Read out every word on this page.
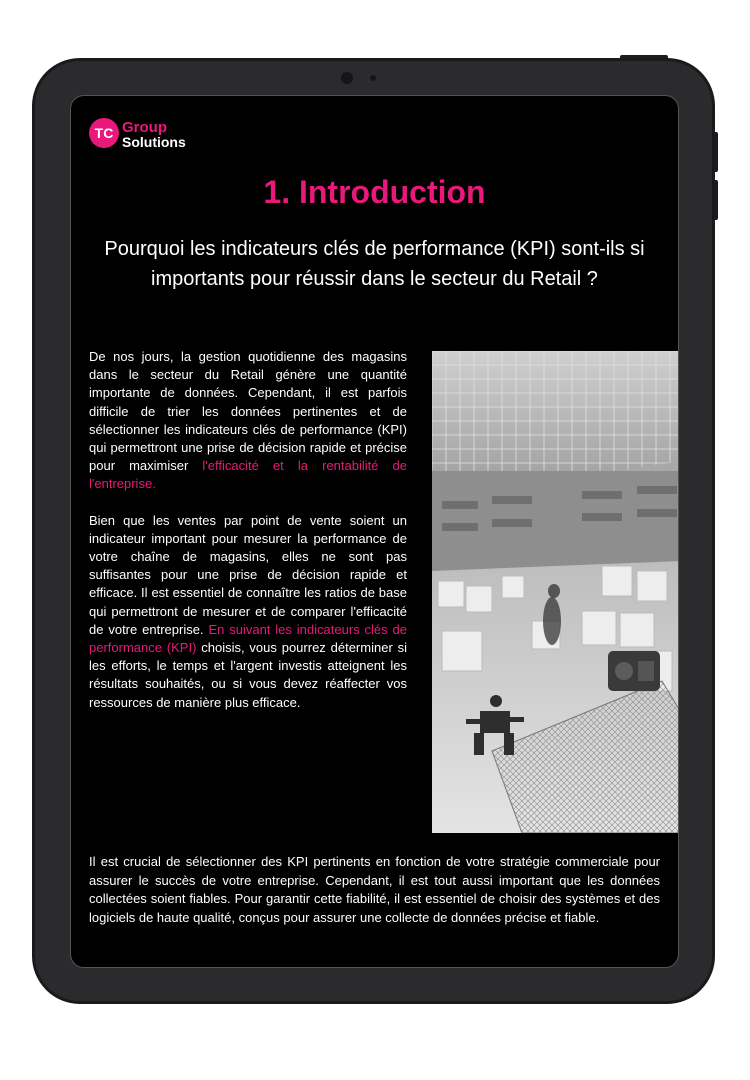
TC Group
Solutions
1. Introduction
Pourquoi les indicateurs clés de performance (KPI) sont-ils si importants pour réussir dans le secteur du Retail ?

De nos jours, la gestion quotidienne des magasins dans le secteur du Retail génère une quantité importante de données. Cependant, il est parfois difficile de trier les données pertinentes et de sélectionner les indicateurs clés de performance (KPI) qui permettront une prise de décision rapide et précise pour maximiser l'efficacité et la rentabilité de l'entreprise.

Bien que les ventes par point de vente soient un indicateur important pour mesurer la performance de votre chaîne de magasins, elles ne sont pas suffisantes pour une prise de décision rapide et efficace. Il est essentiel de connaître les ratios de base qui permettront de mesurer et de comparer l'efficacité de votre entreprise. En suivant les indicateurs clés de performance (KPI) choisis, vous pourrez déterminer si les efforts, le temps et l'argent investis atteignent les résultats souhaités, ou si vous devez réaffecter vos ressources de manière plus efficace.

Il est crucial de sélectionner des KPI pertinents en fonction de votre stratégie commerciale pour assurer le succès de votre entreprise. Cependant, il est tout aussi important que les données collectées soient fiables. Pour garantir cette fiabilité, il est essentiel de choisir des systèmes et des logiciels de haute qualité, conçus pour assurer une collecte de données précise et fiable.
